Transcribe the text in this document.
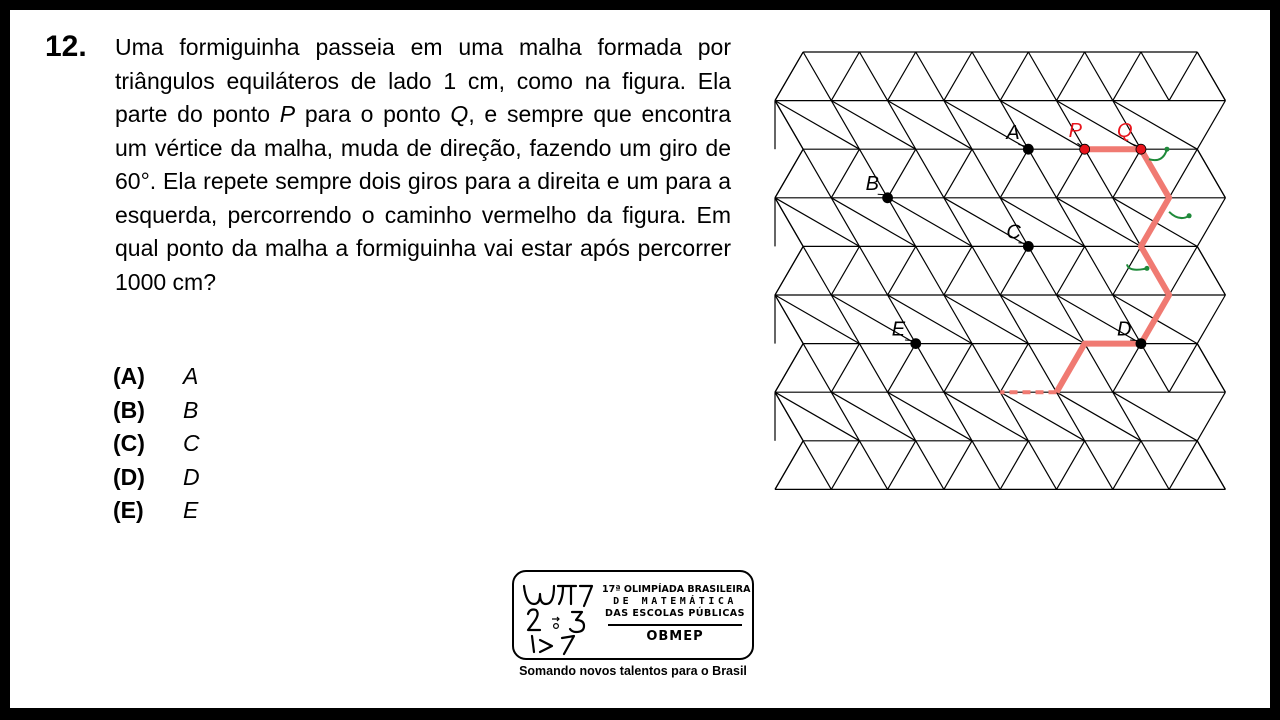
12. Uma formiguinha passeia em uma malha formada por triângulos equiláteros de lado 1 cm, como na figura. Ela parte do ponto P para o ponto Q, e sempre que encontra um vértice da malha, muda de direção, fazendo um giro de 60°. Ela repete sempre dois giros para a direita e um para a esquerda, percorrendo o caminho vermelho da figura. Em qual ponto da malha a formiguinha vai estar após percorrer 1000 cm?
(A)	A
(B)	B
(C)	C
(D)	D
(E)	E
A
B
C
D
E
P Q
17ª OLIMPÍADA BRASILEIRA
DE MATEMÁTICA
DAS ESCOLAS PÚBLICAS
OBMEP
Somando novos talentos para o Brasil
